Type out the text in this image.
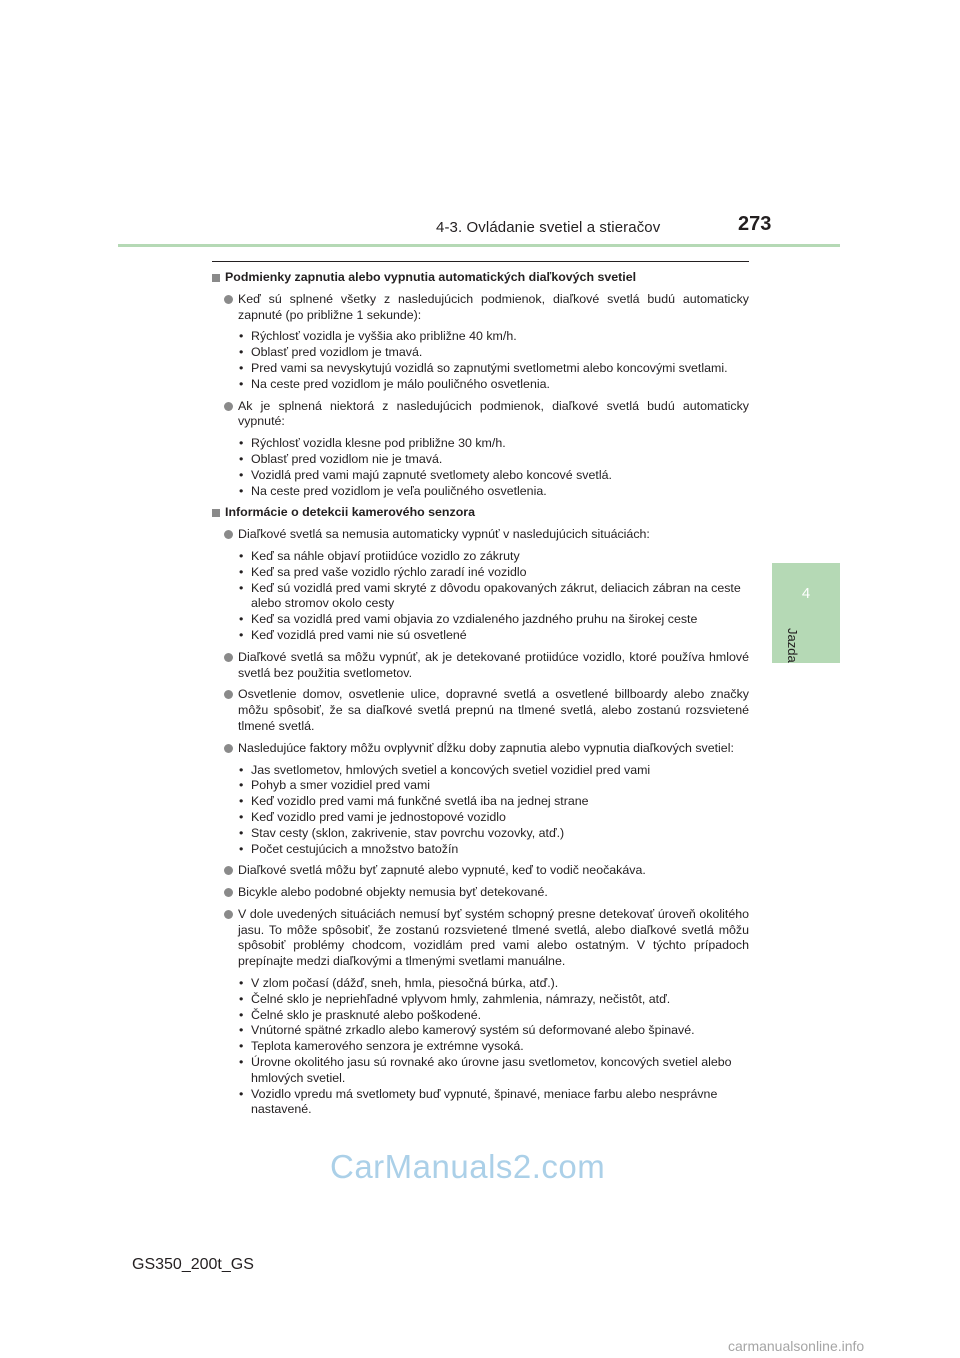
4-3. Ovládanie svetiel a stieračov	273
4
Jazda
Podmienky zapnutia alebo vypnutia automatických diaľkových svetiel
Keď sú splnené všetky z nasledujúcich podmienok, diaľkové svetlá budú automaticky zapnuté (po približne 1 sekunde):
• Rýchlosť vozidla je vyššia ako približne 40 km/h.
• Oblasť pred vozidlom je tmavá.
• Pred vami sa nevyskytujú vozidlá so zapnutými svetlometmi alebo koncovými svetlami.
• Na ceste pred vozidlom je málo pouličného osvetlenia.
Ak je splnená niektorá z nasledujúcich podmienok, diaľkové svetlá budú automaticky vypnuté:
• Rýchlosť vozidla klesne pod približne 30 km/h.
• Oblasť pred vozidlom nie je tmavá.
• Vozidlá pred vami majú zapnuté svetlomety alebo koncové svetlá.
• Na ceste pred vozidlom je veľa pouličného osvetlenia.
Informácie o detekcii kamerového senzora
Diaľkové svetlá sa nemusia automaticky vypnúť v nasledujúcich situáciách:
• Keď sa náhle objaví protiidúce vozidlo zo zákruty
• Keď sa pred vaše vozidlo rýchlo zaradí iné vozidlo
• Keď sú vozidlá pred vami skryté z dôvodu opakovaných zákrut, deliacich zábran na ceste alebo stromov okolo cesty
• Keď sa vozidlá pred vami objavia zo vzdialeného jazdného pruhu na širokej ceste
• Keď vozidlá pred vami nie sú osvetlené
Diaľkové svetlá sa môžu vypnúť, ak je detekované protiidúce vozidlo, ktoré používa hmlové svetlá bez použitia svetlometov.
Osvetlenie domov, osvetlenie ulice, dopravné svetlá a osvetlené billboardy alebo značky môžu spôsobiť, že sa diaľkové svetlá prepnú na tlmené svetlá, alebo zostanú rozsvietené tlmené svetlá.
Nasledujúce faktory môžu ovplyvniť dĺžku doby zapnutia alebo vypnutia diaľkových svetiel:
• Jas svetlometov, hmlových svetiel a koncových svetiel vozidiel pred vami
• Pohyb a smer vozidiel pred vami
• Keď vozidlo pred vami má funkčné svetlá iba na jednej strane
• Keď vozidlo pred vami je jednostopové vozidlo
• Stav cesty (sklon, zakrivenie, stav povrchu vozovky, atď.)
• Počet cestujúcich a množstvo batožín
Diaľkové svetlá môžu byť zapnuté alebo vypnuté, keď to vodič neočakáva.
Bicykle alebo podobné objekty nemusia byť detekované.
V dole uvedených situáciách nemusí byť systém schopný presne detekovať úroveň okolitého jasu. To môže spôsobiť, že zostanú rozsvietené tlmené svetlá, alebo diaľkové svetlá môžu spôsobiť problémy chodcom, vozidlám pred vami alebo ostatným. V týchto prípadoch prepínajte medzi diaľkovými a tlmenými svetlami manuálne.
• V zlom počasí (dážď, sneh, hmla, piesočná búrka, atď.).
• Čelné sklo je nepriehľadné vplyvom hmly, zahmlenia, námrazy, nečistôt, atď.
• Čelné sklo je prasknuté alebo poškodené.
• Vnútorné spätné zrkadlo alebo kamerový systém sú deformované alebo špinavé.
• Teplota kamerového senzora je extrémne vysoká.
• Úrovne okolitého jasu sú rovnaké ako úrovne jasu svetlometov, koncových svetiel alebo hmlových svetiel.
• Vozidlo vpredu má svetlomety buď vypnuté, špinavé, meniace farbu alebo nesprávne nastavené.
CarManuals2.com
GS350_200t_GS
carmanualsonline.info
